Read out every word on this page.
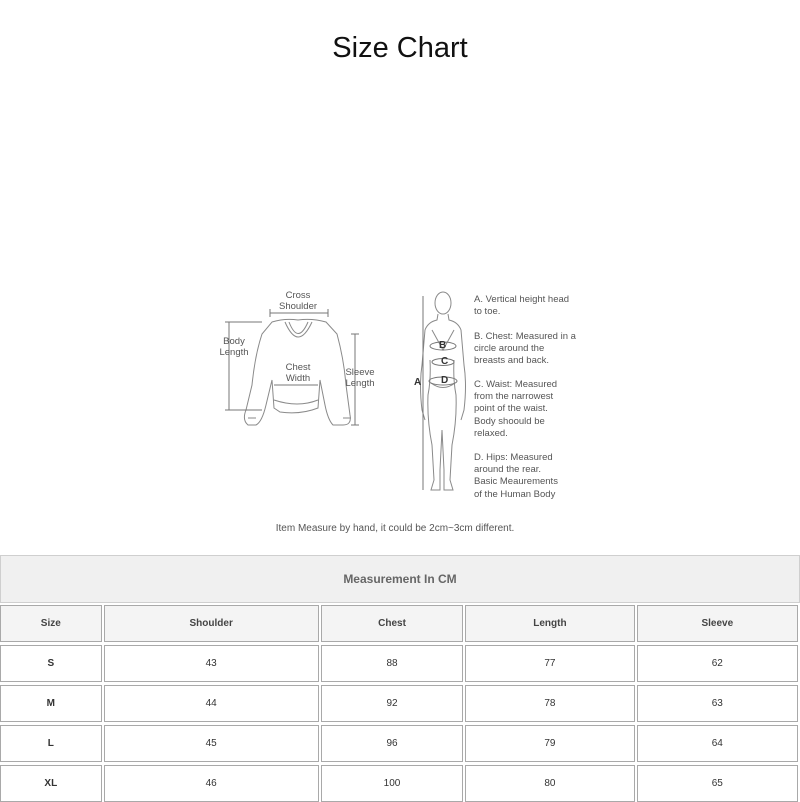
Size Chart
Cross
Shoulder
Body
Length
Chest
Width
Sleeve
Length	A
B
C
D
A. Vertical height head
to toe.
B. Chest: Measured in a
circle around the
breasts and back.
C. Waist: Measured
from the narrowest
point of the waist.
Body shoould be
relaxed.
D. Hips: Measured
around the rear.
Basic Meaurements
of the Human Body
Item Measure by hand, it could be 2cm~3cm different.
Measurement In CM
Size	Shoulder	Chest	Length	Sleeve

S	43	88	77	62

M	44	92	78	63

L	45	96	79	64

XL	46	100	80	65
